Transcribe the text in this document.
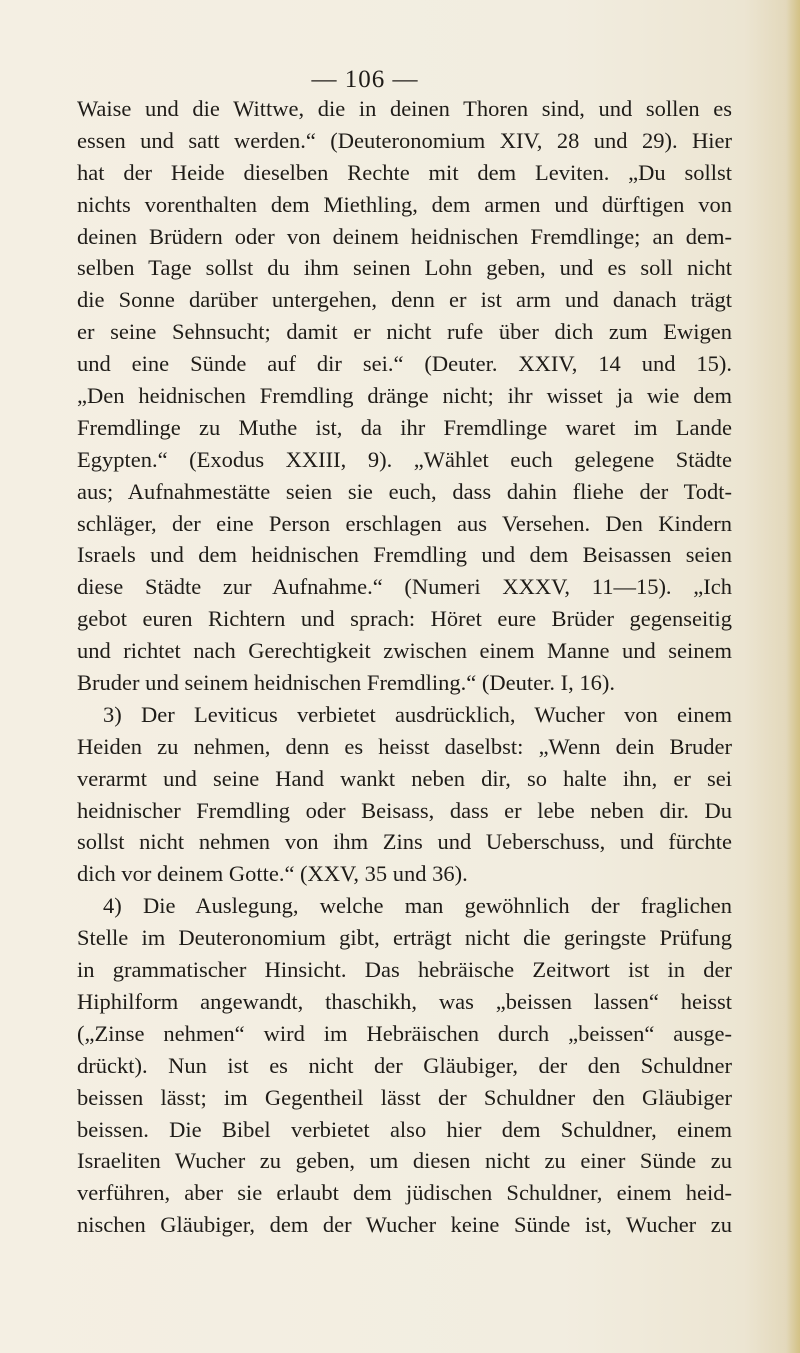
— 106 —
Waise und die Wittwe, die in deinen Thoren sind, und sollen es
essen und satt werden.“ (Deuteronomium XIV, 28 und 29). Hier
hat der Heide dieselben Rechte mit dem Leviten. „Du sollst
nichts vorenthalten dem Miethling, dem armen und dürftigen von
deinen Brüdern oder von deinem heidnischen Fremdlinge; an dem-
selben Tage sollst du ihm seinen Lohn geben, und es soll nicht
die Sonne darüber untergehen, denn er ist arm und danach trägt
er seine Sehnsucht; damit er nicht rufe über dich zum Ewigen
und eine Sünde auf dir sei.“ (Deuter. XXIV, 14 und 15).
„Den heidnischen Fremdling dränge nicht; ihr wisset ja wie dem
Fremdlinge zu Muthe ist, da ihr Fremdlinge waret im Lande
Egypten.“ (Exodus XXIII, 9). „Wählet euch gelegene Städte
aus; Aufnahmestätte seien sie euch, dass dahin fliehe der Todt-
schläger, der eine Person erschlagen aus Versehen. Den Kindern
Israels und dem heidnischen Fremdling und dem Beisassen seien
diese Städte zur Aufnahme.“ (Numeri XXXV, 11—15). „Ich
gebot euren Richtern und sprach: Höret eure Brüder gegenseitig
und richtet nach Gerechtigkeit zwischen einem Manne und seinem
Bruder und seinem heidnischen Fremdling.“ (Deuter. I, 16).
3) Der Leviticus verbietet ausdrücklich, Wucher von einem
Heiden zu nehmen, denn es heisst daselbst: „Wenn dein Bruder
verarmt und seine Hand wankt neben dir, so halte ihn, er sei
heidnischer Fremdling oder Beisass, dass er lebe neben dir. Du
sollst nicht nehmen von ihm Zins und Ueberschuss, und fürchte
dich vor deinem Gotte.“ (XXV, 35 und 36).
4) Die Auslegung, welche man gewöhnlich der fraglichen
Stelle im Deuteronomium gibt, erträgt nicht die geringste Prüfung
in grammatischer Hinsicht. Das hebräische Zeitwort ist in der
Hiphilform angewandt, thaschikh, was „beissen lassen“ heisst
(„Zinse nehmen“ wird im Hebräischen durch „beissen“ ausge-
drückt). Nun ist es nicht der Gläubiger, der den Schuldner
beissen lässt; im Gegentheil lässt der Schuldner den Gläubiger
beissen. Die Bibel verbietet also hier dem Schuldner, einem
Israeliten Wucher zu geben, um diesen nicht zu einer Sünde zu
verführen, aber sie erlaubt dem jüdischen Schuldner, einem heid-
nischen Gläubiger, dem der Wucher keine Sünde ist, Wucher zu
